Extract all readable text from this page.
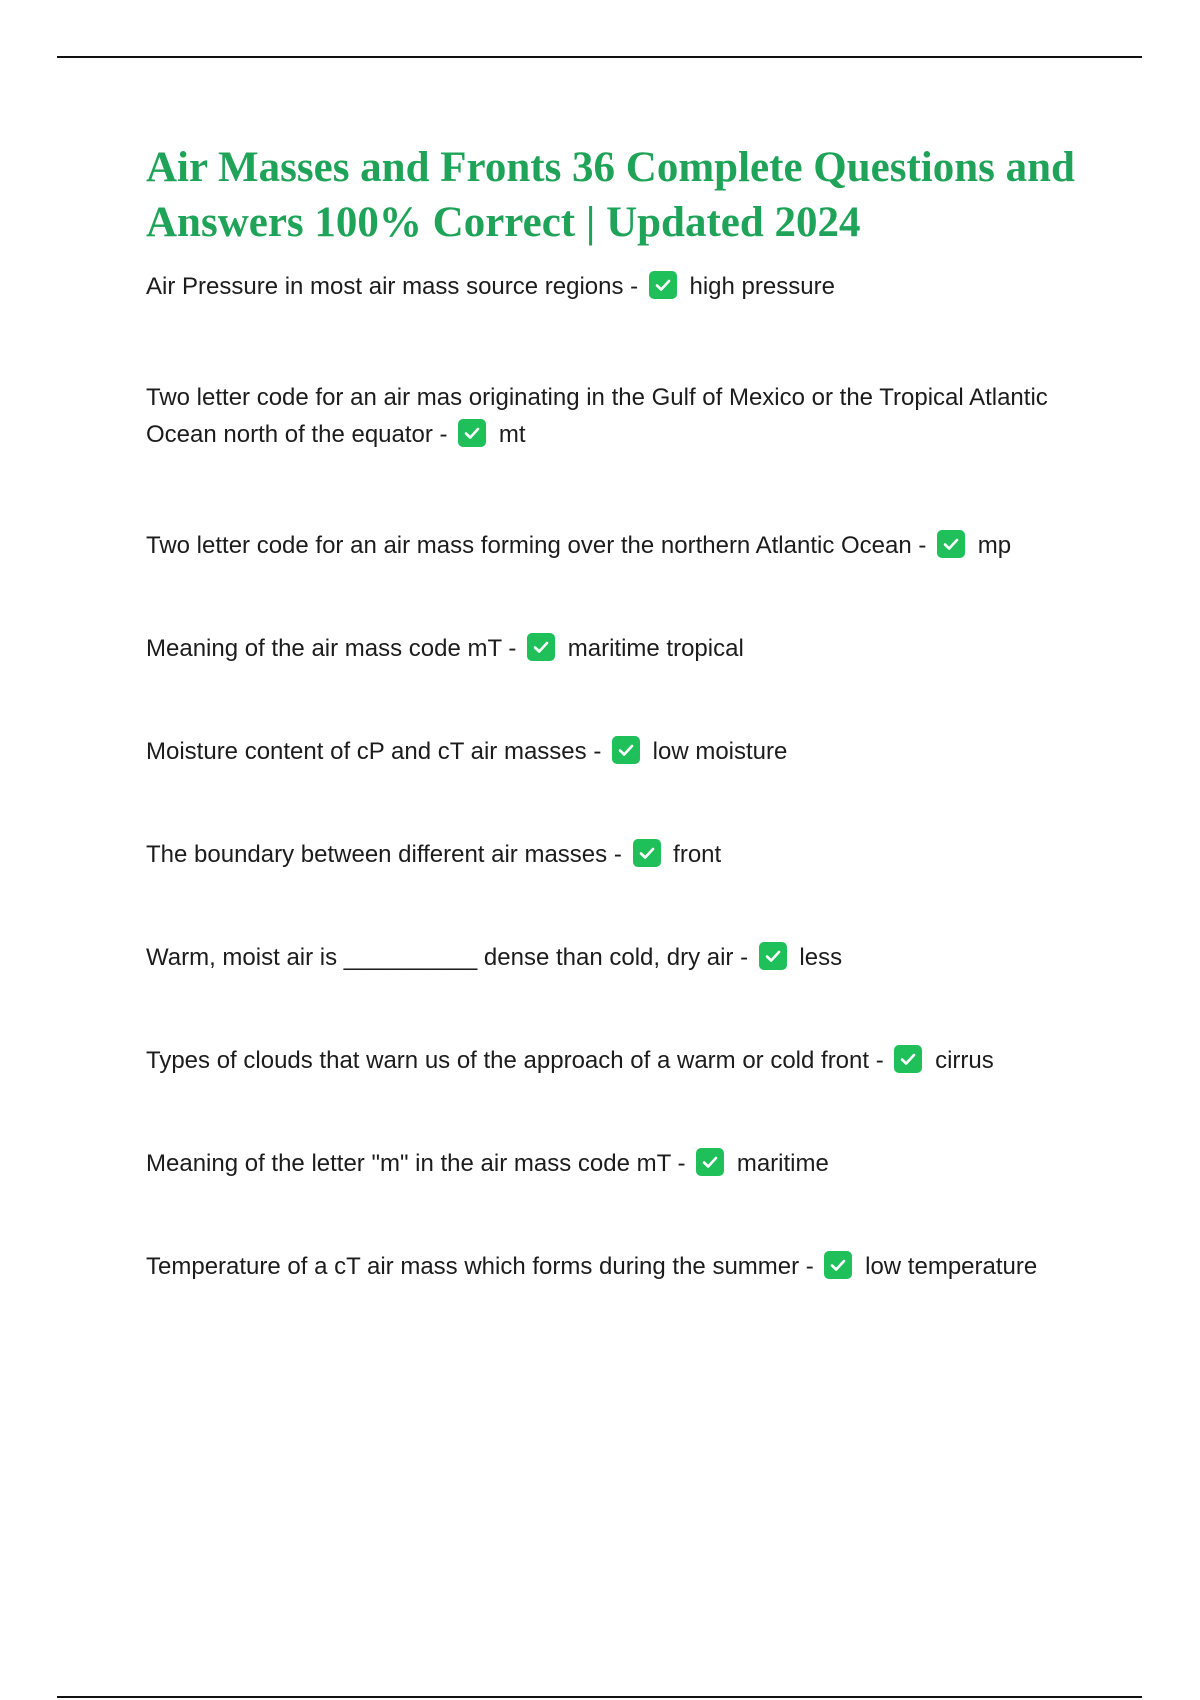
Air Masses and Fronts 36 Complete Questions and Answers 100% Correct | Updated 2024
Air Pressure in most air mass source regions - high pressure
Two letter code for an air mas originating in the Gulf of Mexico or the Tropical Atlantic Ocean north of the equator - mt
Two letter code for an air mass forming over the northern Atlantic Ocean - mp
Meaning of the air mass code mT - maritime tropical
Moisture content of cP and cT air masses - low moisture
The boundary between different air masses - front
Warm, moist air is __________ dense than cold, dry air - less
Types of clouds that warn us of the approach of a warm or cold front - cirrus
Meaning of the letter "m" in the air mass code mT - maritime
Temperature of a cT air mass which forms during the summer - low temperature
